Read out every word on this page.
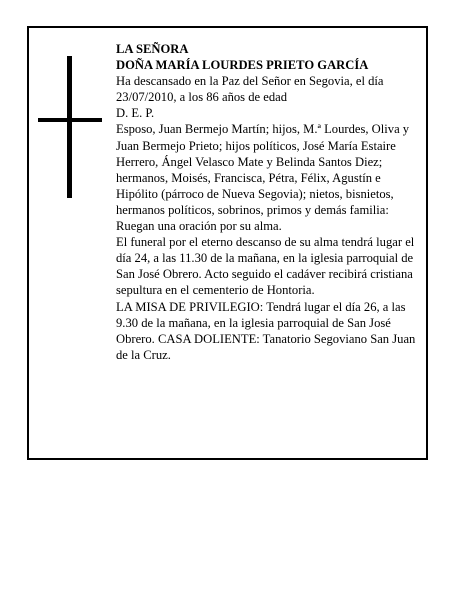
LA SEÑORA

DOÑA MARÍA LOURDES PRIETO GARCÍA

Ha descansado en la Paz del Señor en Segovia, el día 23/07/2010, a los 86 años de edad

D. E. P.

Esposo, Juan Bermejo Martín; hijos, M.ª Lourdes, Oliva y Juan Bermejo Prieto; hijos políticos, José María Estaire Herrero, Ángel Velasco Mate y Belinda Santos Diez; hermanos, Moisés, Francisca, Pétra, Félix, Agustín e Hipólito (párroco de Nueva Segovia); nietos, bisnietos, hermanos políticos, sobrinos, primos y demás familia:

Ruegan una oración por su alma.

El funeral por el eterno descanso de su alma tendrá lugar el día 24, a las 11.30 de la mañana, en la iglesia parroquial de San José Obrero. Acto seguido el cadáver recibirá cristiana sepultura en el cementerio de Hontoria.

LA MISA DE PRIVILEGIO: Tendrá lugar el día 26, a las 9.30 de la mañana, en la iglesia parroquial de San José Obrero. CASA DOLIENTE: Tanatorio Segoviano San Juan de la Cruz.
